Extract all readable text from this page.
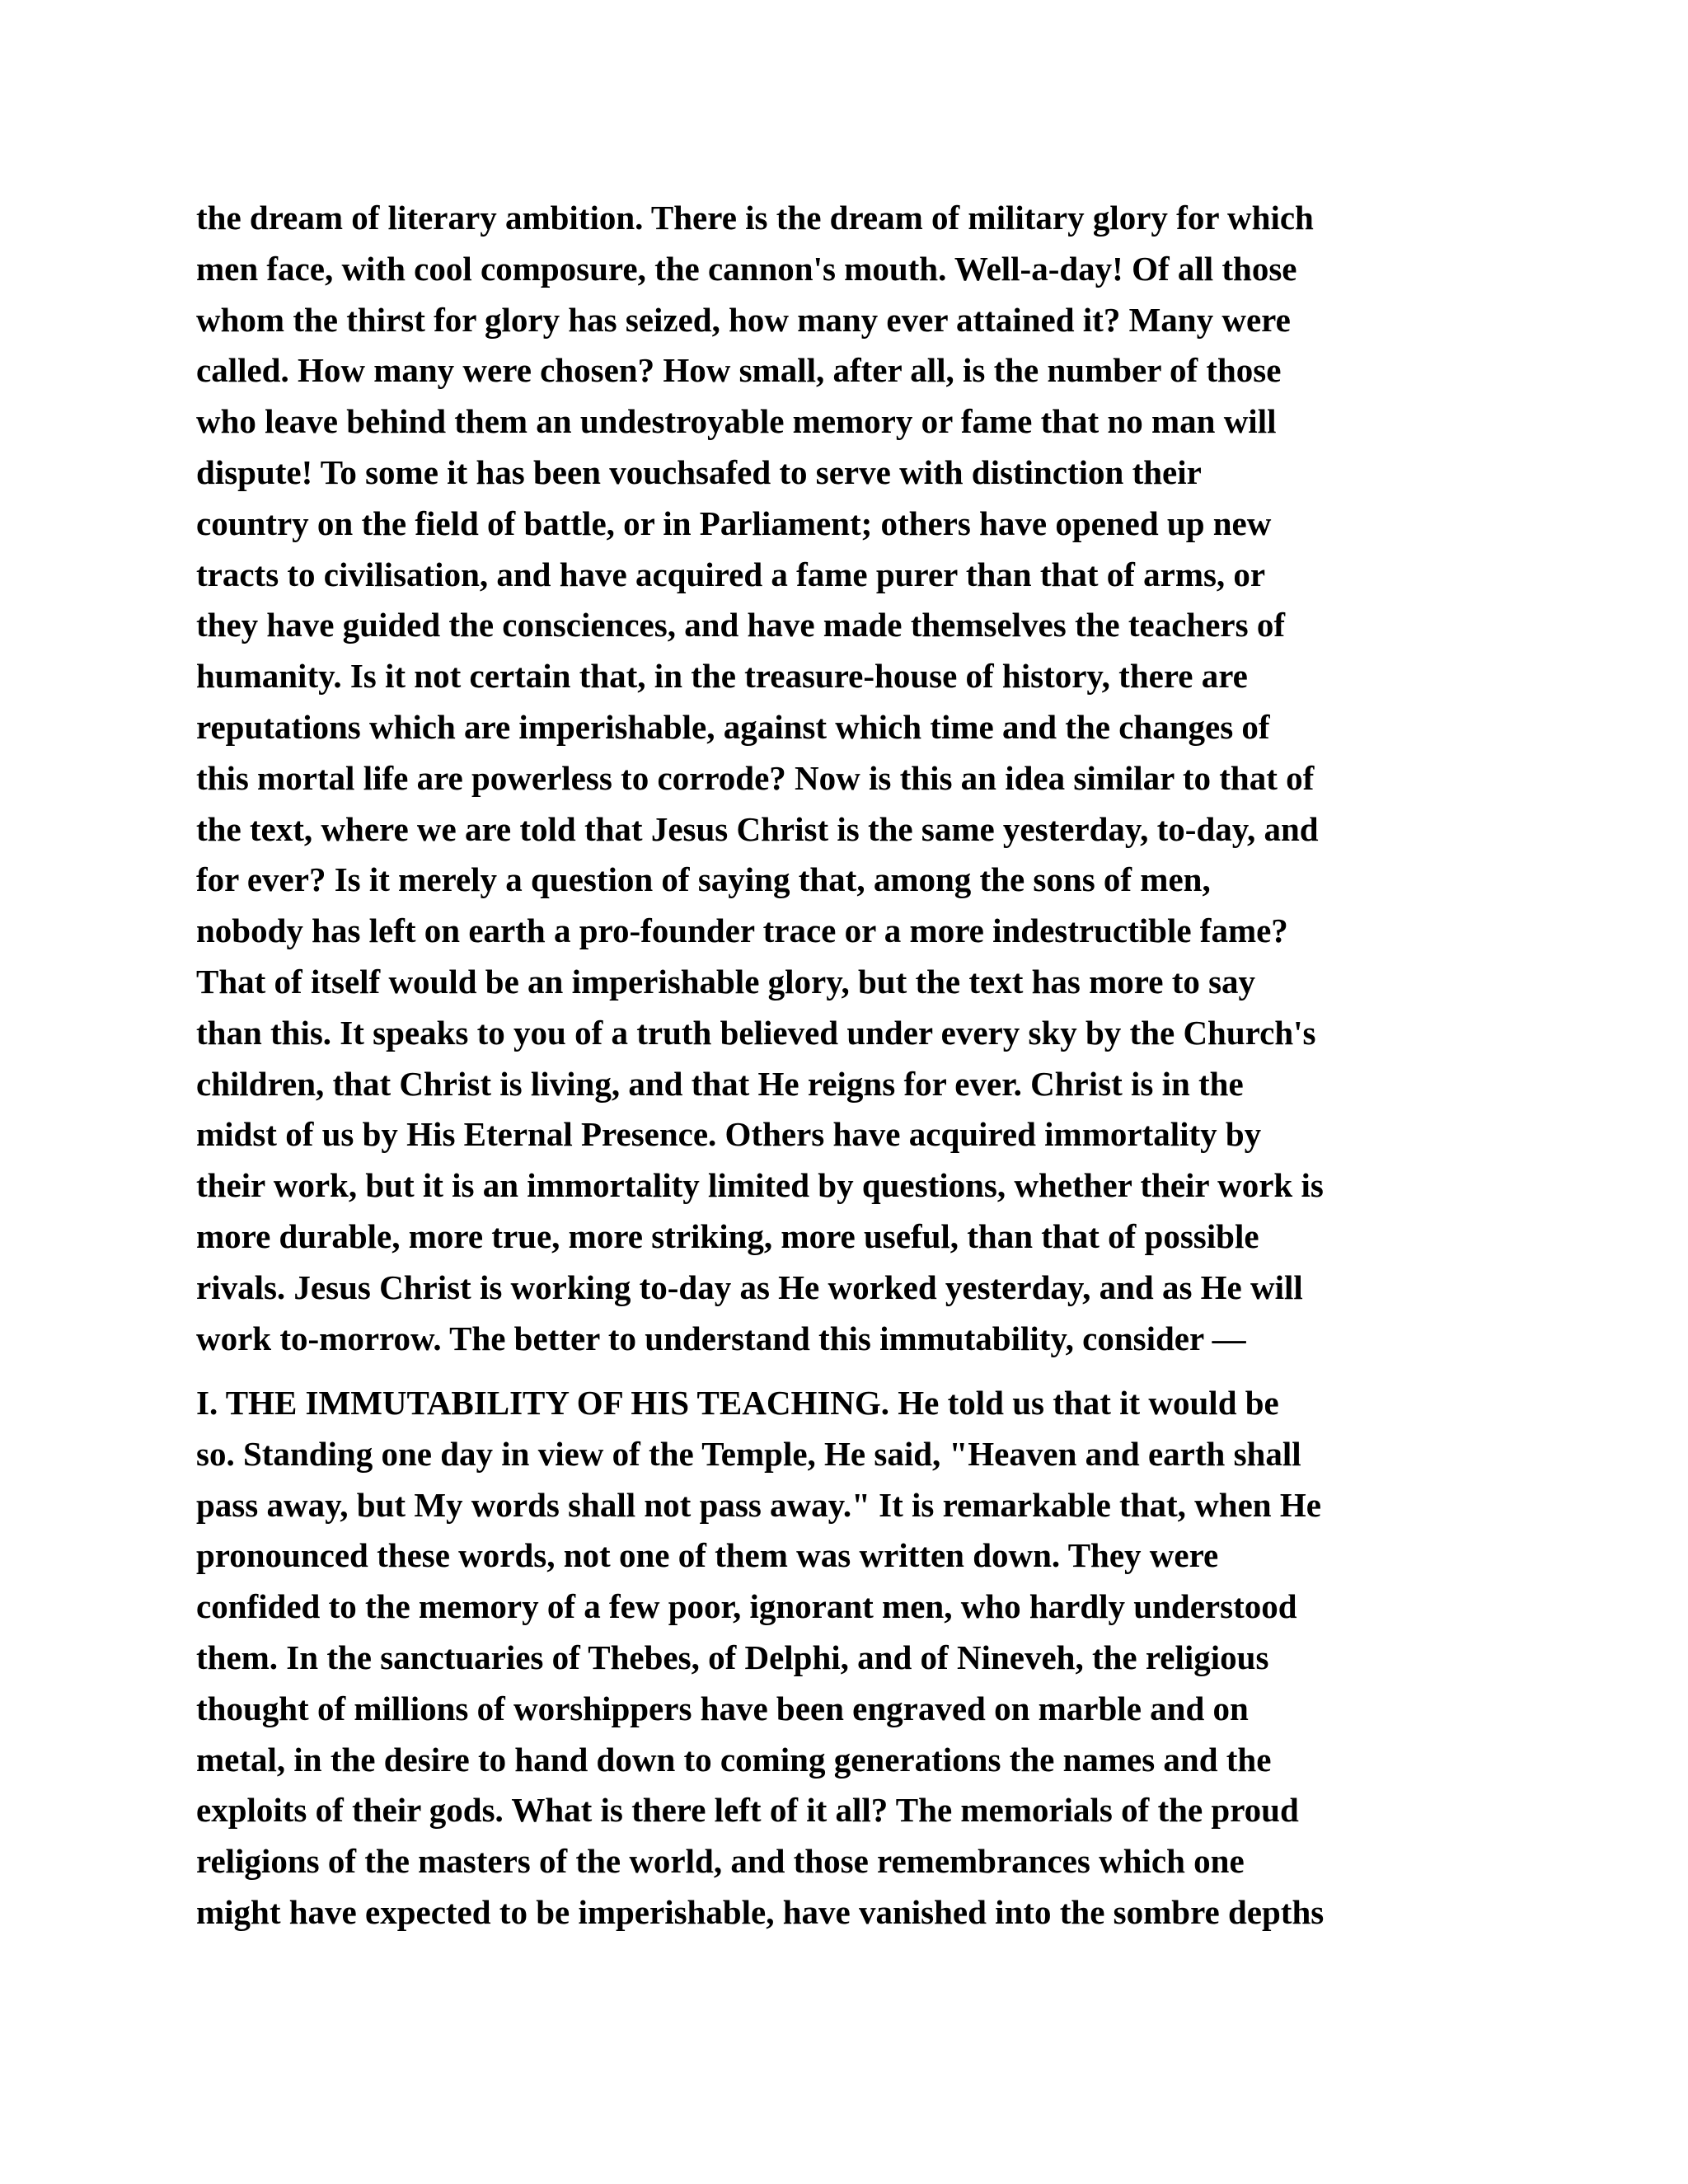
the dream of literary ambition. There is the dream of military glory for which
men face, with cool composure, the cannon's mouth. Well-a-day! Of all those
whom the thirst for glory has seized, how many ever attained it? Many were
called. How many were chosen? How small, after all, is the number of those
who leave behind them an undestroyable memory or fame that no man will
dispute! To some it has been vouchsafed to serve with distinction their
country on the field of battle, or in Parliament; others have opened up new
tracts to civilisation, and have acquired a fame purer than that of arms, or
they have guided the consciences, and have made themselves the teachers of
humanity. Is it not certain that, in the treasure-house of history, there are
reputations which are imperishable, against which time and the changes of
this mortal life are powerless to corrode? Now is this an idea similar to that of
the text, where we are told that Jesus Christ is the same yesterday, to-day, and
for ever? Is it merely a question of saying that, among the sons of men,
nobody has left on earth a pro-founder trace or a more indestructible fame?
That of itself would be an imperishable glory, but the text has more to say
than this. It speaks to you of a truth believed under every sky by the Church's
children, that Christ is living, and that He reigns for ever. Christ is in the
midst of us by His Eternal Presence. Others have acquired immortality by
their work, but it is an immortality limited by questions, whether their work is
more durable, more true, more striking, more useful, than that of possible
rivals. Jesus Christ is working to-day as He worked yesterday, and as He will
work to-morrow. The better to understand this immutability, consider —
I. THE IMMUTABILITY OF HIS TEACHING. He told us that it would be
so. Standing one day in view of the Temple, He said, "Heaven and earth shall
pass away, but My words shall not pass away." It is remarkable that, when He
pronounced these words, not one of them was written down. They were
confided to the memory of a few poor, ignorant men, who hardly understood
them. In the sanctuaries of Thebes, of Delphi, and of Nineveh, the religious
thought of millions of worshippers have been engraved on marble and on
metal, in the desire to hand down to coming generations the names and the
exploits of their gods. What is there left of it all? The memorials of the proud
religions of the masters of the world, and those remembrances which one
might have expected to be imperishable, have vanished into the sombre depths
